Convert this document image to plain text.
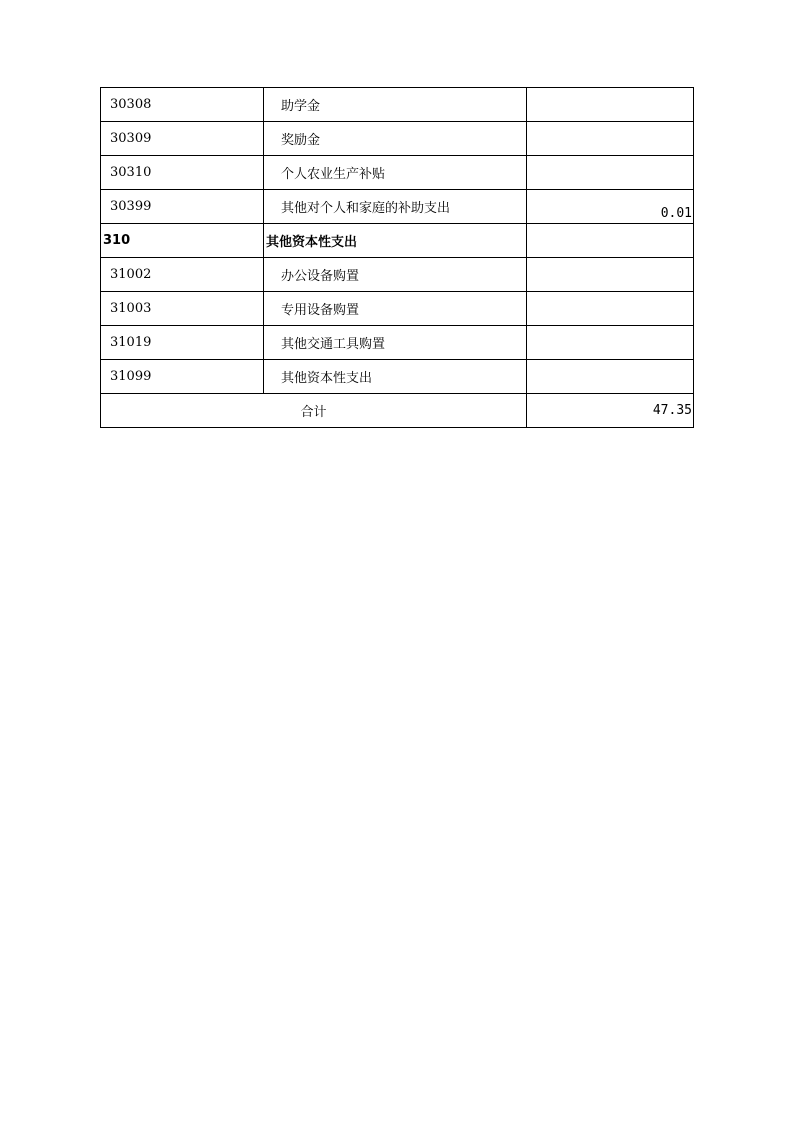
30308	助学金	
30309	奖励金	
30310	个人农业生产补贴	
30399	其他对个人和家庭的补助支出	0.01
310	其他资本性支出	
31002	办公设备购置	
31003	专用设备购置	
31019	其他交通工具购置	
31099	其他资本性支出	
合计		47.35
